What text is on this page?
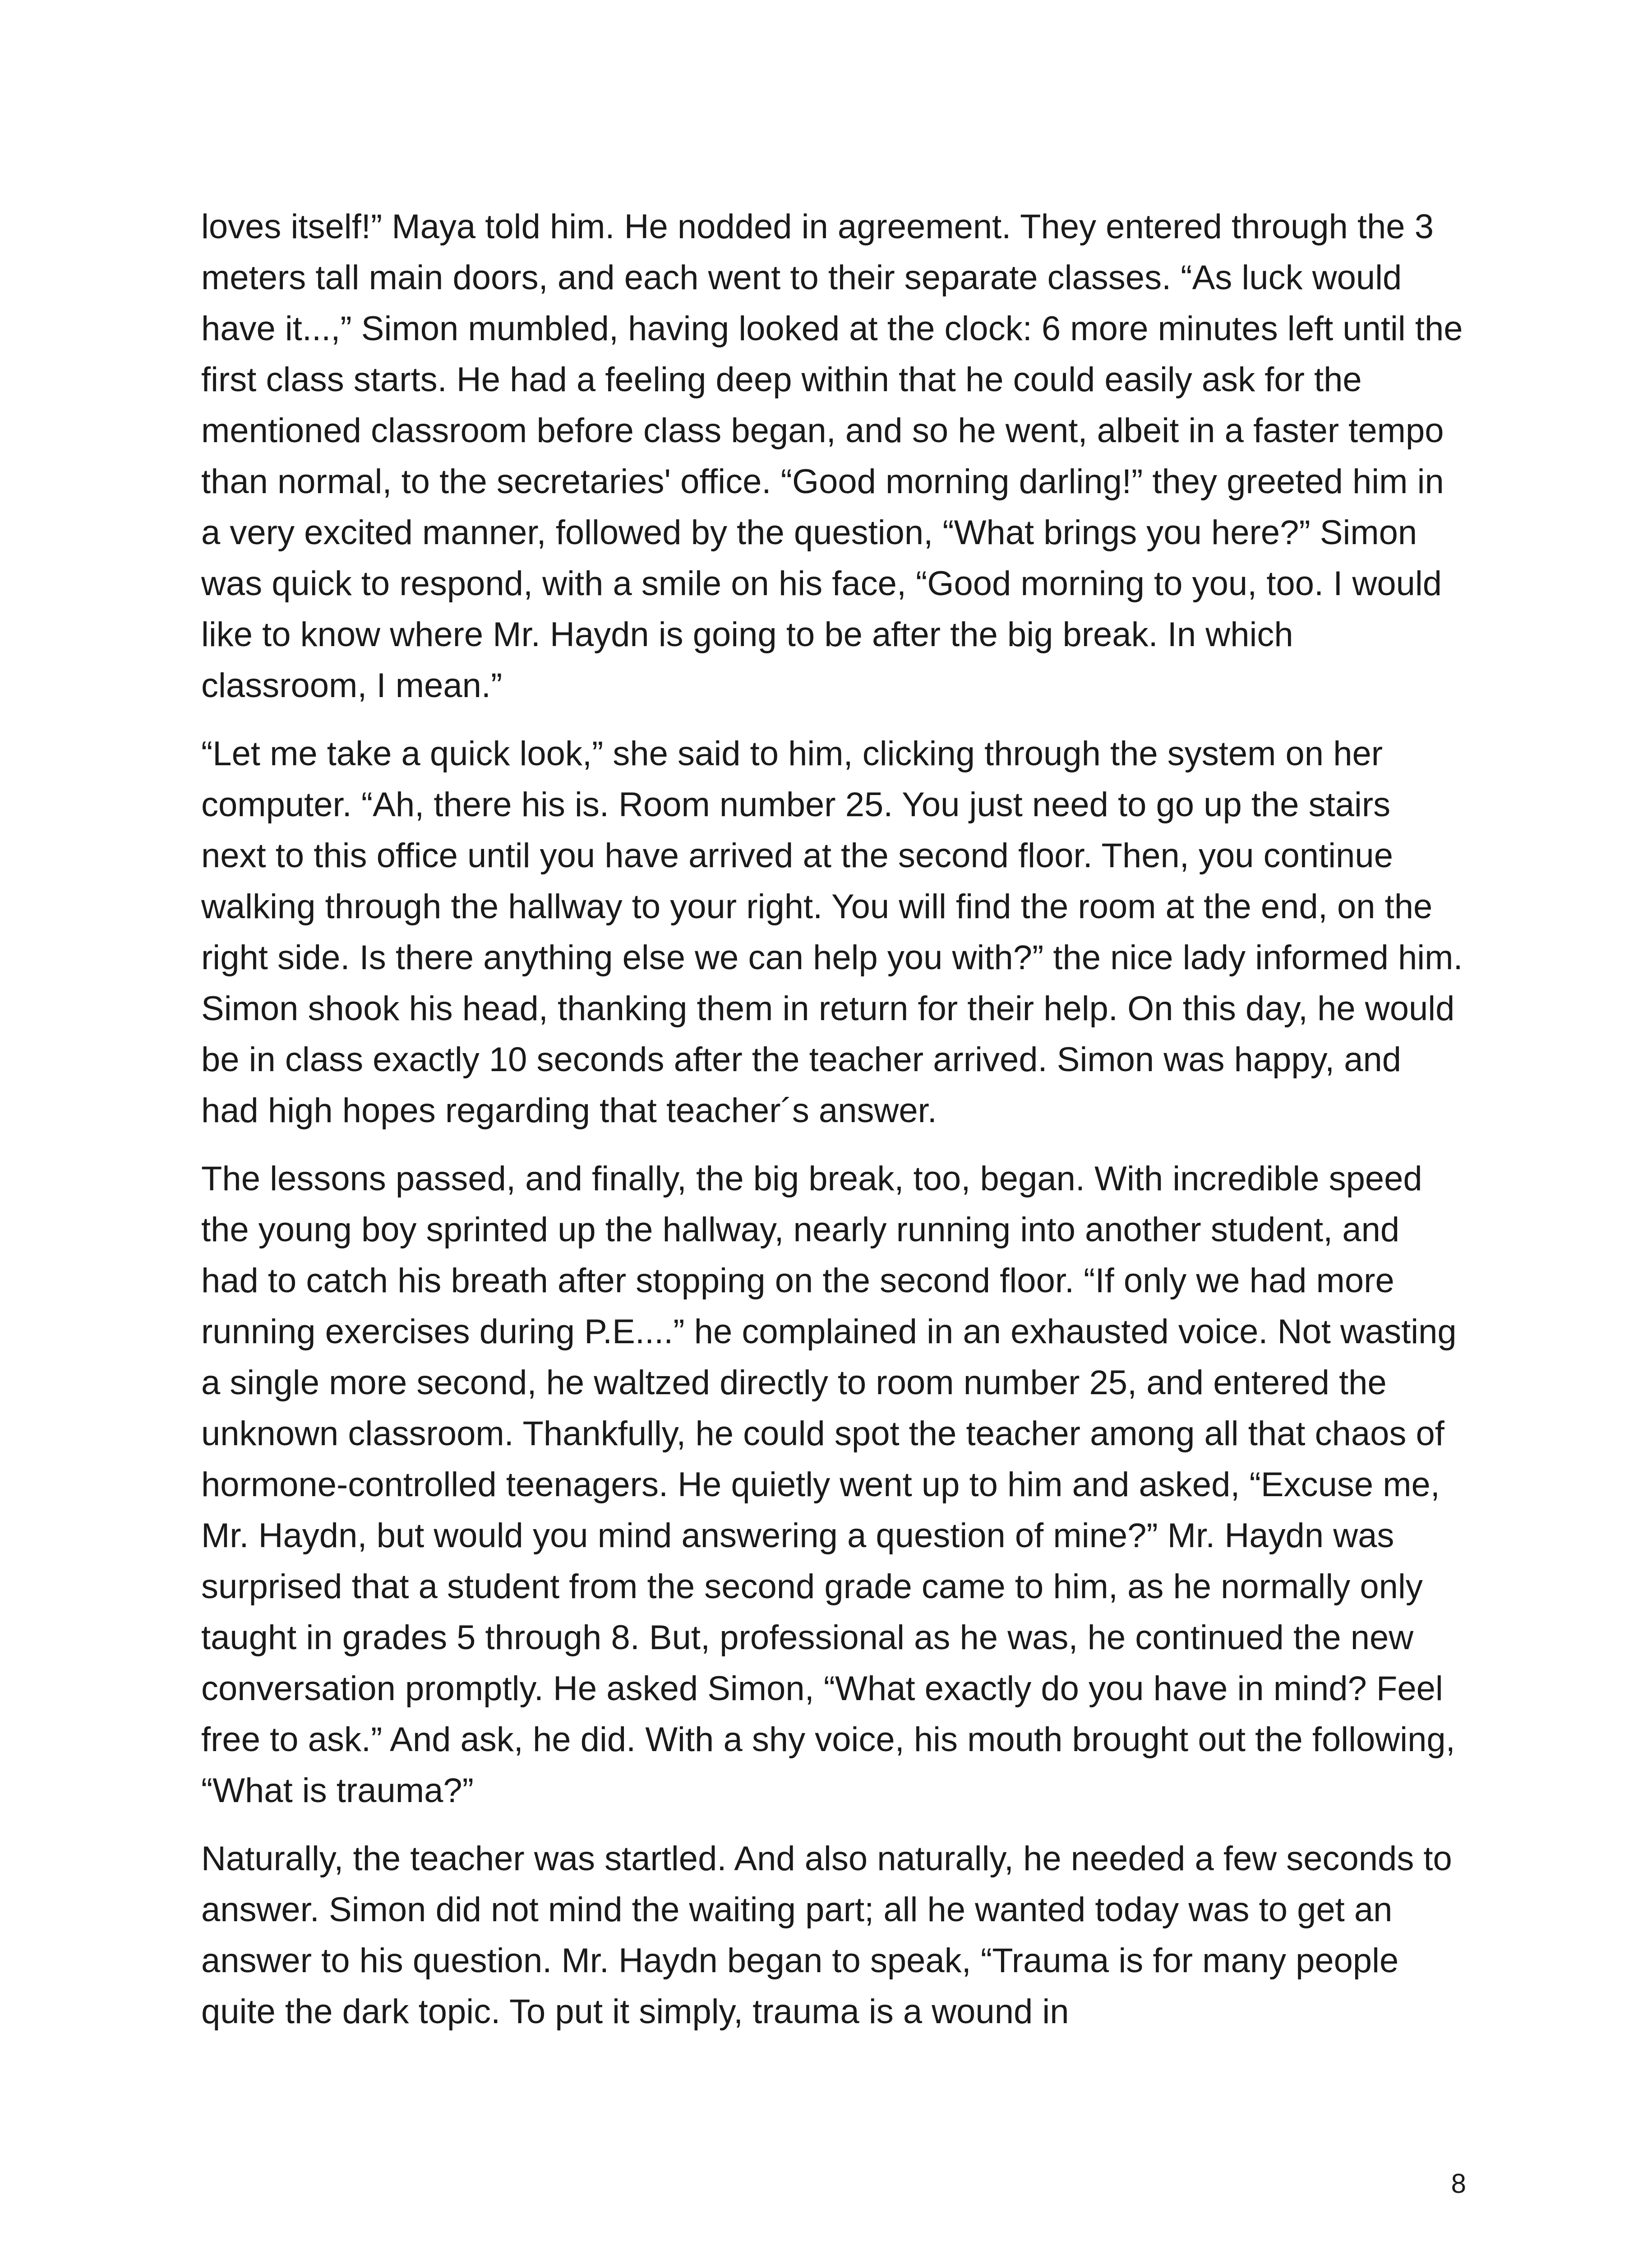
loves itself!” Maya told him. He nodded in agreement. They entered through the 3 meters tall main doors, and each went to their separate classes. “As luck would have it...,” Simon mumbled, having looked at the clock: 6 more minutes left until the first class starts. He had a feeling deep within that he could easily ask for the mentioned classroom before class began, and so he went, albeit in a faster tempo than normal, to the secretaries' office. “Good morning darling!” they greeted him in a very excited manner, followed by the question, “What brings you here?” Simon was quick to respond, with a smile on his face, “Good morning to you, too. I would like to know where Mr. Haydn is going to be after the big break. In which classroom, I mean.”

“Let me take a quick look,” she said to him, clicking through the system on her computer. “Ah, there his is. Room number 25. You just need to go up the stairs next to this office until you have arrived at the second floor. Then, you continue walking through the hallway to your right. You will find the room at the end, on the right side. Is there anything else we can help you with?” the nice lady informed him. Simon shook his head, thanking them in return for their help. On this day, he would be in class exactly 10 seconds after the teacher arrived. Simon was happy, and had high hopes regarding that teacher´s answer.

The lessons passed, and finally, the big break, too, began. With incredible speed the young boy sprinted up the hallway, nearly running into another student, and had to catch his breath after stopping on the second floor. “If only we had more running exercises during P.E....” he complained in an exhausted voice. Not wasting a single more second, he waltzed directly to room number 25, and entered the unknown classroom. Thankfully, he could spot the teacher among all that chaos of hormone-controlled teenagers. He quietly went up to him and asked, “Excuse me, Mr. Haydn, but would you mind answering a question of mine?” Mr. Haydn was surprised that a student from the second grade came to him, as he normally only taught in grades 5 through 8. But, professional as he was, he continued the new conversation promptly. He asked Simon, “What exactly do you have in mind? Feel free to ask.” And ask, he did. With a shy voice, his mouth brought out the following, “What is trauma?”

Naturally, the teacher was startled. And also naturally, he needed a few seconds to answer. Simon did not mind the waiting part; all he wanted today was to get an answer to his question. Mr. Haydn began to speak, “Trauma is for many people quite the dark topic. To put it simply, trauma is a wound in

8
